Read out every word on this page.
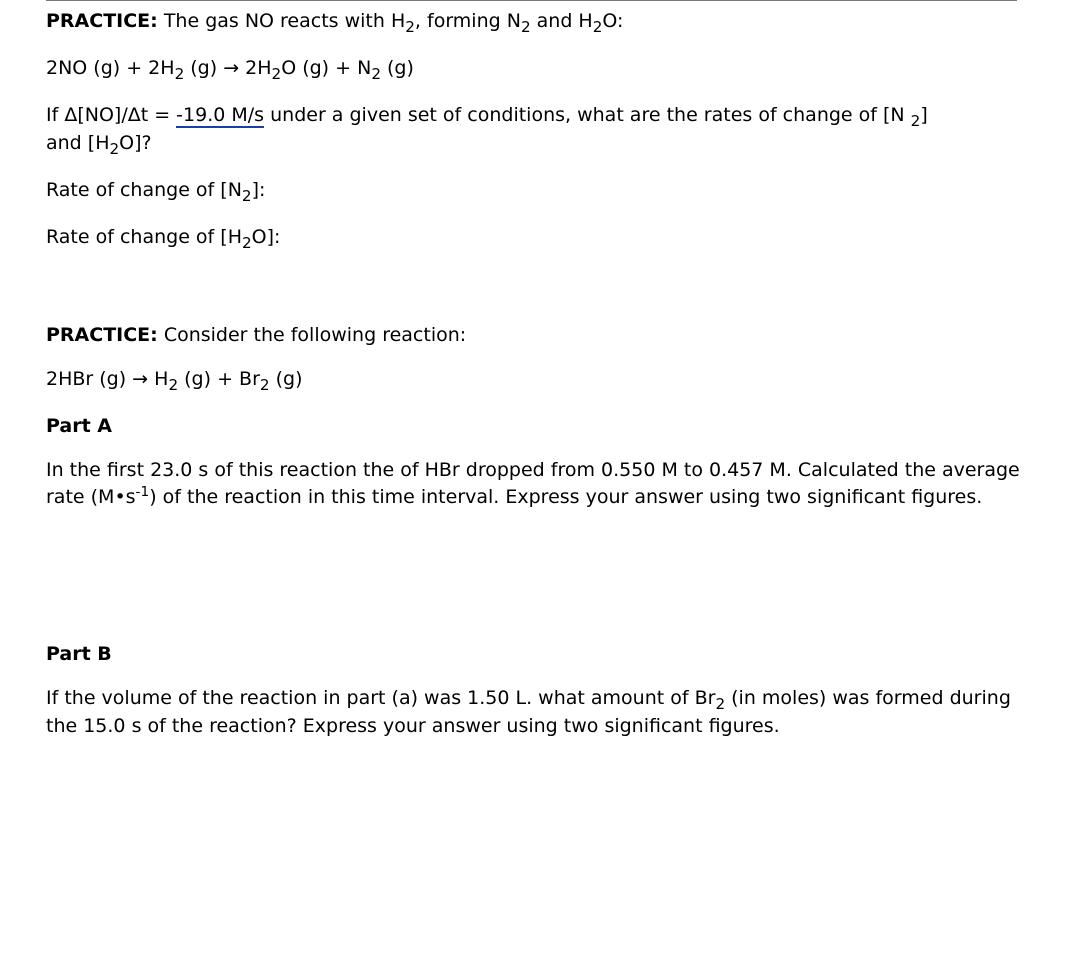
PRACTICE: The gas NO reacts with $H_2$, forming $N_2$ and $H_2O$:
2NO $(g) + 2H_2$ $(g) \to 2H_2O$ $(g) + N_2$ (g)
If Δ[NO]/Δt = -19.0 M/s under a given set of conditions, what are the rates of change of [N $_2$]
and $[H_2O]$?
Rate of change of $[N_2]$:
Rate of change of $[H_2O]$:
PRACTICE: Consider the following reaction:
2HBr $(g) \to H_2$ $(g) + Br_2$ (g)
Part A
In the first 23.0 s of this reaction the of HBr dropped from 0.550 M to 0.457 M. Calculated the average rate $(M•s^{-1})$ of the reaction in this time interval. Express your answer using two significant figures.
Part B
If the volume of the reaction in part (a) was 1.50 L. what amount of $Br_2$ (in moles) was formed during the 15.0 s of the reaction? Express your answer using two significant figures.
